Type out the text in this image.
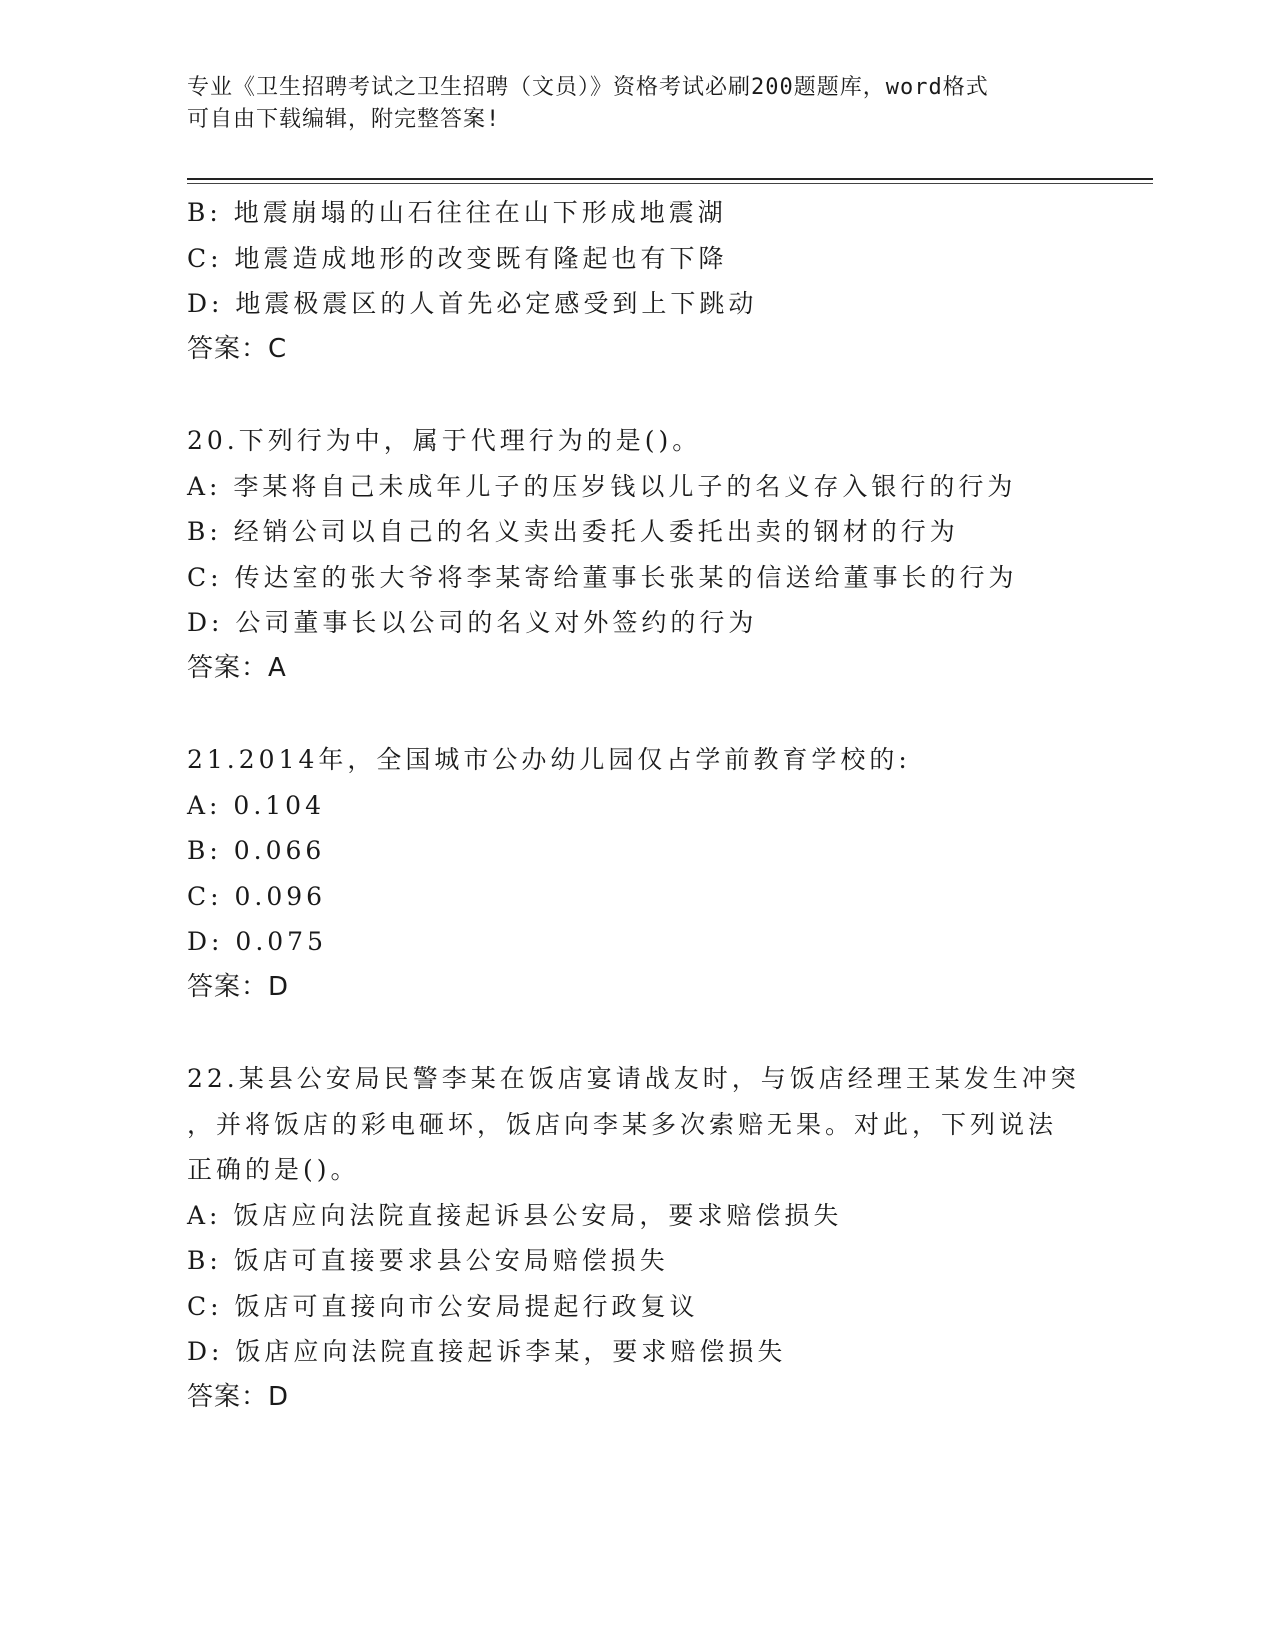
专业《卫生招聘考试之卫生招聘（文员）》资格考试必刷200题题库，word格式
可自由下载编辑，附完整答案!
B: 地震崩塌的山石往往在山下形成地震湖
C: 地震造成地形的改变既有隆起也有下降
D: 地震极震区的人首先必定感受到上下跳动
答案：C
20.下列行为中，属于代理行为的是()。
A: 李某将自己未成年儿子的压岁钱以儿子的名义存入银行的行为
B: 经销公司以自己的名义卖出委托人委托出卖的钢材的行为
C: 传达室的张大爷将李某寄给董事长张某的信送给董事长的行为
D: 公司董事长以公司的名义对外签约的行为
答案：A
21.2014年，全国城市公办幼儿园仅占学前教育学校的:
A: 0.104
B: 0.066
C: 0.096
D: 0.075
答案：D
22.某县公安局民警李某在饭店宴请战友时，与饭店经理王某发生冲突
，并将饭店的彩电砸坏，饭店向李某多次索赔无果。对此，下列说法
正确的是()。
A: 饭店应向法院直接起诉县公安局，要求赔偿损失
B: 饭店可直接要求县公安局赔偿损失
C: 饭店可直接向市公安局提起行政复议
D: 饭店应向法院直接起诉李某，要求赔偿损失
答案：D
